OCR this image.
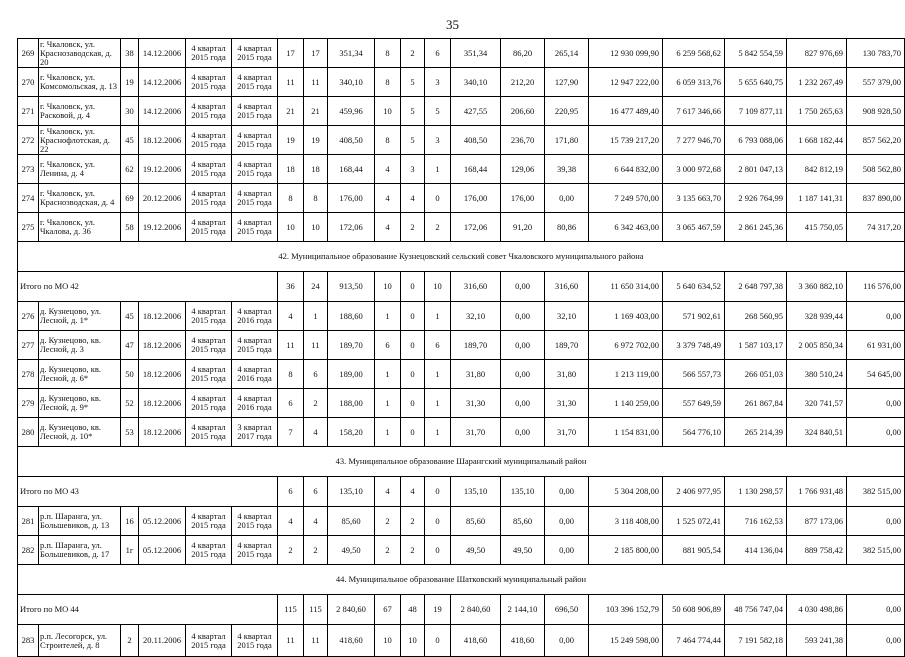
35
269	г. Чкаловск, ул. Краснозаводская, д. 20	38	14.12.2006	4 квартал 2015 года	4 квартал 2015 года	17	17	351,34	8	2	6	351,34	86,20	265,14	12 930 099,90	6 259 568,62	5 842 554,59	827 976,69	130 783,70
270	г. Чкаловск, ул. Комсомольская, д. 13	19	14.12.2006	4 квартал 2015 года	4 квартал 2015 года	11	11	340,10	8	5	3	340,10	212,20	127,90	12 947 222,00	6 059 313,76	5 655 640,75	1 232 267,49	557 379,00
271	г. Чкаловск, ул. Расковой, д. 4	30	14.12.2006	4 квартал 2015 года	4 квартал 2015 года	21	21	459,96	10	5	5	427,55	206,60	220,95	16 477 489,40	7 617 346,66	7 109 877,11	1 750 265,63	908 928,50
272	г. Чкаловск, ул. Краснофлотская, д. 22	45	18.12.2006	4 квартал 2015 года	4 квартал 2015 года	19	19	408,50	8	5	3	408,50	236,70	171,80	15 739 217,20	7 277 946,70	6 793 088,06	1 668 182,44	857 562,20
273	г. Чкаловск, ул. Ленина, д. 4	62	19.12.2006	4 квартал 2015 года	4 квартал 2015 года	18	18	168,44	4	3	1	168,44	129,06	39,38	6 644 832,00	3 000 972,68	2 801 047,13	842 812,19	508 562,80
274	г. Чкаловск, ул. Краснозводская, д. 4	69	20.12.2006	4 квартал 2015 года	4 квартал 2015 года	8	8	176,00	4	4	0	176,00	176,00	0,00	7 249 570,00	3 135 663,70	2 926 764,99	1 187 141,31	837 890,00
275	г. Чкаловск, ул. Чкалова, д. 36	58	19.12.2006	4 квартал 2015 года	4 квартал 2015 года	10	10	172,06	4	2	2	172,06	91,20	80,86	6 342 463,00	3 065 467,59	2 861 245,36	415 750,05	74 317,20
42. Муниципальное образование Кузнецовский сельский совет Чкаловского муниципального района																			
Итого по МО 42						36	24	913,50	10	0	10	316,60	0,00	316,60	11 650 314,00	5 640 634,52	2 648 797,38	3 360 882,10	116 576,00
276	д. Кузнецово, ул. Лесной, д. 1*	45	18.12.2006	4 квартал 2015 года	4 квартал 2016 года	4	1	188,60	1	0	1	32,10	0,00	32,10	1 169 403,00	571 902,61	268 560,95	328 939,44	0,00
277	д. Кузнецово, кв. Лесной, д. 3	47	18.12.2006	4 квартал 2015 года	4 квартал 2015 года	11	11	189,70	6	0	6	189,70	0,00	189,70	6 972 702,00	3 379 748,49	1 587 103,17	2 005 850,34	61 931,00
278	д. Кузнецово, кв. Лесной, д. 6*	50	18.12.2006	4 квартал 2015 года	4 квартал 2016 года	8	6	189,00	1	0	1	31,80	0,00	31,80	1 213 119,00	566 557,73	266 051,03	380 510,24	54 645,00
279	д. Кузнецово, кв. Лесной, д. 9*	52	18.12.2006	4 квартал 2015 года	4 квартал 2016 года	6	2	188,00	1	0	1	31,30	0,00	31,30	1 140 259,00	557 649,59	261 867,84	320 741,57	0,00
280	д. Кузнецово, кв. Лесной, д. 10*	53	18.12.2006	4 квартал 2015 года	3 квартал 2017 года	7	4	158,20	1	0	1	31,70	0,00	31,70	1 154 831,00	564 776,10	265 214,39	324 840,51	0,00
43. Муниципальное образование Шарангский муниципальный район																			
Итого по МО 43						6	6	135,10	4	4	0	135,10	135,10	0,00	5 304 208,00	2 406 977,95	1 130 298,57	1 766 931,48	382 515,00
281	р.п. Шаранга, ул. Большевиков, д. 13	16	05.12.2006	4 квартал 2015 года	4 квартал 2015 года	4	4	85,60	2	2	0	85,60	85,60	0,00	3 118 408,00	1 525 072,41	716 162,53	877 173,06	0,00
282	р.п. Шаранга, ул. Большевиков, д. 17	1г	05.12.2006	4 квартал 2015 года	4 квартал 2015 года	2	2	49,50	2	2	0	49,50	49,50	0,00	2 185 800,00	881 905,54	414 136,04	889 758,42	382 515,00
44. Муниципальное образование Шатковский муниципальный район																			
Итого по МО 44						115	115	2 840,60	67	48	19	2 840,60	2 144,10	696,50	103 396 152,79	50 608 906,89	48 756 747,04	4 030 498,86	0,00
283	р.п. Лесогорск, ул. Строителей, д. 8	2	20.11.2006	4 квартал 2015 года	4 квартал 2015 года	11	11	418,60	10	10	0	418,60	418,60	0,00	15 249 598,00	7 464 774,44	7 191 582,18	593 241,38	0,00
